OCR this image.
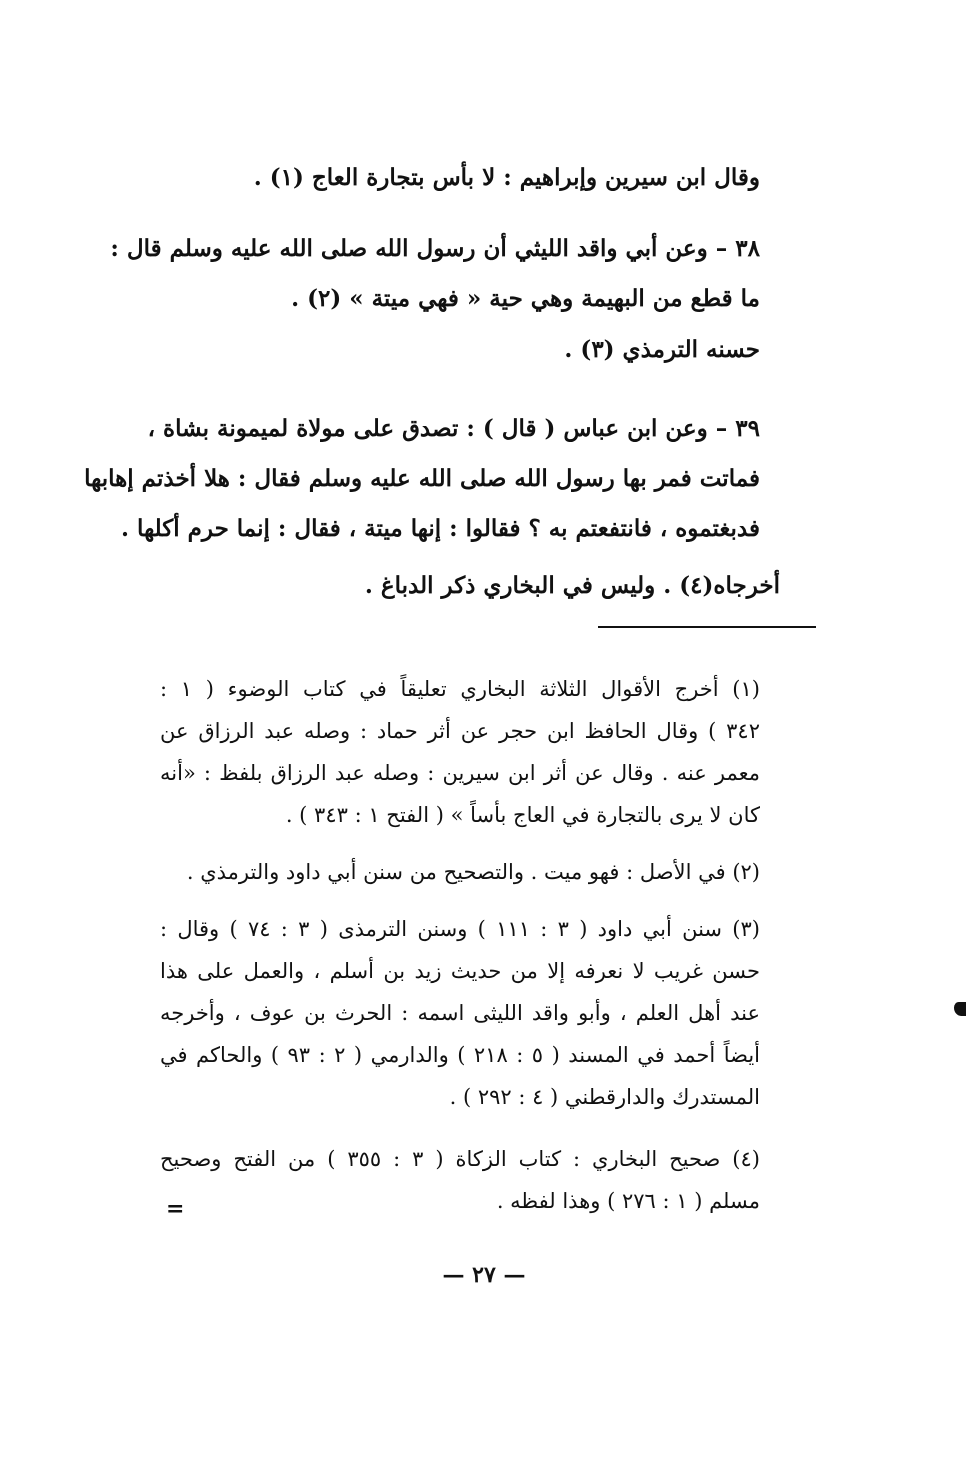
وقال ابن سيرين وإبراهيم : لا بأس بتجارة العاج (١) .
٣٨ – وعن أبي واقد الليثي أن رسول الله صلى الله عليه وسلم قال :
ما قطع من البهيمة وهي حية « فهي ميتة » (٢) .
حسنه الترمذي (٣) .
٣٩ – وعن ابن عباس ( قال ) : تصدق على مولاة لميمونة بشاة ،
فماتت فمر بها رسول الله صلى الله عليه وسلم فقال : هلا أخذتم إهابها
فدبغتموه ، فانتفعتم به ؟ فقالوا : إنها ميتة ، فقال : إنما حرم أكلها .
أخرجاه(٤) . وليس في البخاري ذكر الدباغ .
(١) أخرج الأقوال الثلاثة البخاري تعليقاً في كتاب الوضوء ( ١ :
٣٤٢ ) وقال الحافظ ابن حجر عن أثر حماد : وصله عبد الرزاق عن
معمر عنه . وقال عن أثر ابن سيرين : وصله عبد الرزاق بلفظ : «أنه
كان لا يرى بالتجارة في العاج بأساً » ( الفتح ١ : ٣٤٣ ) .
(٢) في الأصل : فهو ميت . والتصحيح من سنن أبي داود والترمذي .
(٣) سنن أبي داود ( ٣ : ١١١ ) وسنن الترمذى ( ٣ : ٧٤ ) وقال :
حسن غريب لا نعرفه إلا من حديث زيد بن أسلم ، والعمل على هذا
عند أهل العلم ، وأبو واقد الليثى اسمه : الحرث بن عوف ، وأخرجه
أيضاً أحمد في المسند ( ٥ : ٢١٨ ) والدارمي ( ٢ : ٩٣ ) والحاكم في
المستدرك والدارقطني ( ٤ : ٢٩٢ ) .
(٤) صحيح البخاري : كتاب الزكاة ( ٣ : ٣٥٥ ) من الفتح وصحيح
مسلم ( ١ : ٢٧٦ ) وهذا لفظه .
=
— ٢٧ —
